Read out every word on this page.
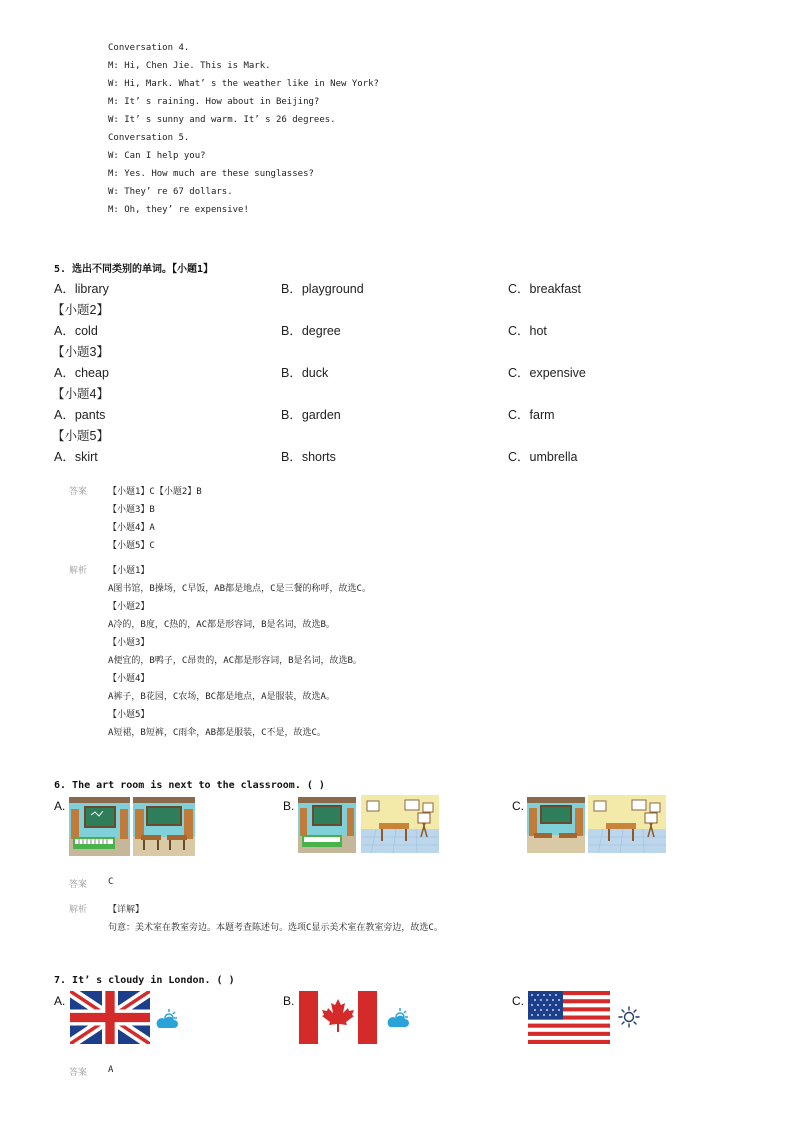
Conversation 4.
M: Hi, Chen Jie. This is Mark.
W: Hi, Mark. What’ s the weather like in New York?
M: It’ s raining. How about in Beijing?
W: It’ s sunny and warm. It’ s 26 degrees.
Conversation 5.
W: Can I help you?
M: Yes. How much are these sunglasses?
W: They’ re 67 dollars.
M: Oh, they’ re expensive!
5. 选出不同类别的单词。【小题1】
A．library	B．playground	C．breakfast
【小题2】
A．cold	B．degree	C．hot
【小题3】
A．cheap	B．duck	C．expensive
【小题4】
A．pants	B．garden	C．farm
【小题5】
A．skirt	B．shorts	C．umbrella
答案 【小题1】C【小题2】B
【小题3】B
【小题4】A
【小题5】C
解析 【小题1】
A图书馆，B操场，C早饭，AB都是地点，C是三餐的称呼，故选C。
【小题2】
A冷的，B度，C热的，AC都是形容词，B是名词，故选B。
【小题3】
A便宜的，B鸭子，C昂贵的，AC都是形容词，B是名词，故选B。
【小题4】
A裤子，B花园，C农场，BC都是地点，A是服装，故选A。
【小题5】
A短裙，B短裤，C雨伞，AB都是服装，C不是，故选C。
6. The art room is next to the classroom. ( )
A.	B.	C.
答案 C
解析 【详解】
句意：美术室在教室旁边。本题考查陈述句。选项C显示美术室在教室旁边，故选C。
7. It’ s cloudy in London. ( )
A.	B.	C.
答案 A
